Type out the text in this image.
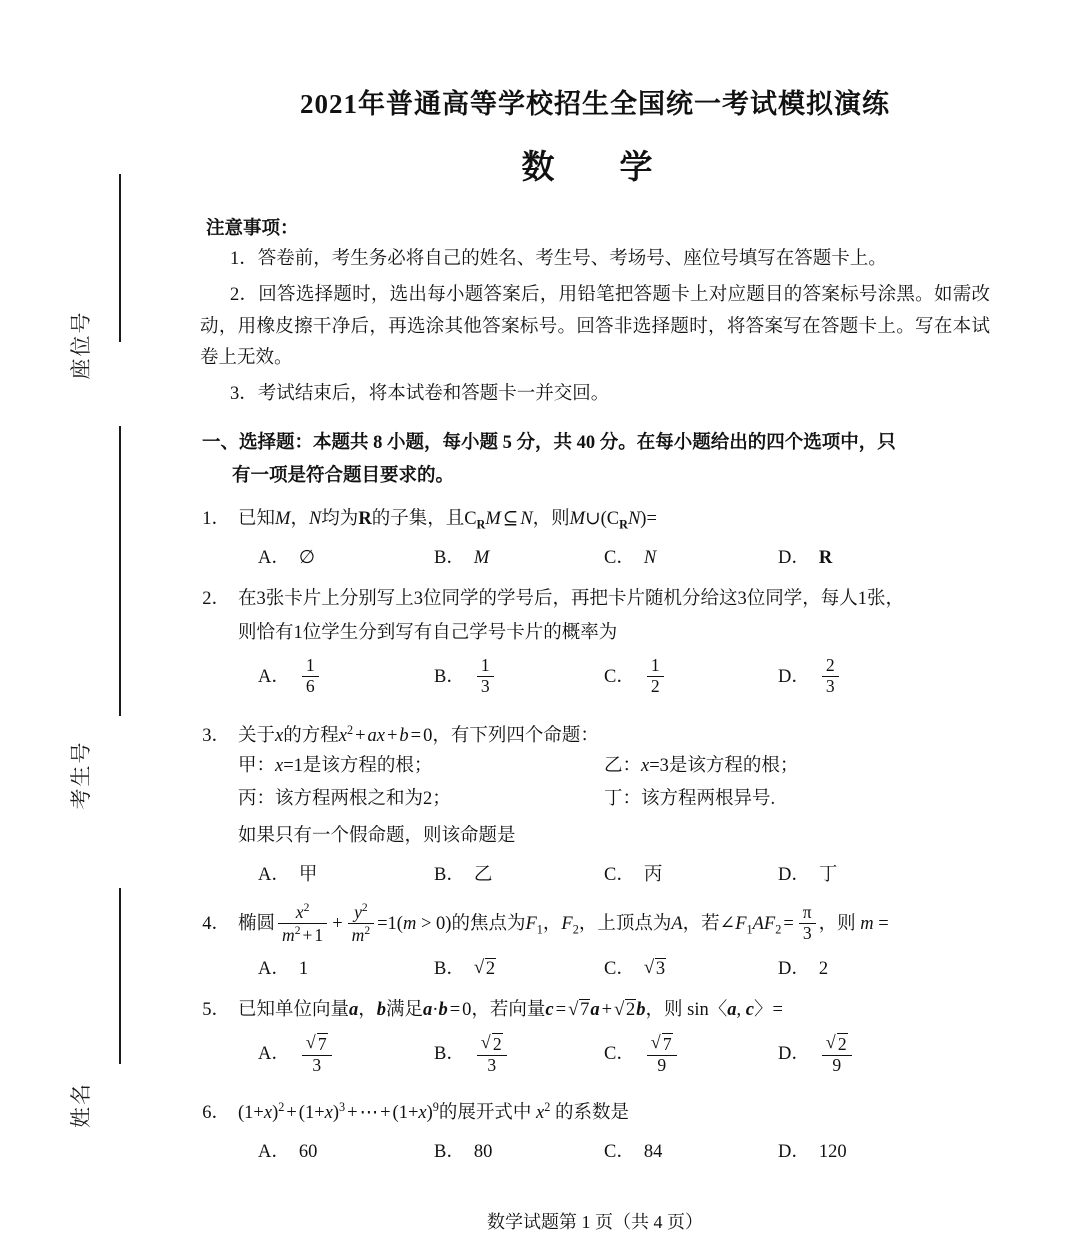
座位号
考生号
姓名
2021年普通高等学校招生全国统一考试模拟演练
数　学
注意事项：
1．答卷前，考生务必将自己的姓名、考生号、考场号、座位号填写在答题卡上。
2．回答选择题时，选出每小题答案后，用铅笔把答题卡上对应题目的答案标号涂黑。如需改动，用橡皮擦干净后，再选涂其他答案标号。回答非选择题时，将答案写在答题卡上。写在本试卷上无效。
3．考试结束后，将本试卷和答题卡一并交回。
一、选择题：本题共 8 小题，每小题 5 分，共 40 分。在每小题给出的四个选项中，只
有一项是符合题目要求的。
1． 已知M，N均为R的子集，且$C_RM$ ⊆ N，则$M\cup(C_RN)=$
A． ∅	B． M	C． N	D． R
2． 在3张卡片上分别写上3位同学的学号后，再把卡片随机分给这3位同学，每人1张，
则恰有1位学生分到写有自己学号卡片的概率为
A． $\frac{1}{6}$	B． $\frac{1}{3}$	C． $\frac{1}{2}$	D． $\frac{2}{3}$
3． 关于x的方程$x^2$ + ax + b = 0，有下列四个命题：
甲：x=1是该方程的根；	乙：x=3是该方程的根；
丙：该方程两根之和为2；	丁：该方程两根异号.
如果只有一个假命题，则该命题是
A． 甲	B． 乙	C． 丙	D． 丁
4． 椭圆 $\frac{x^2}{m^2 + 1} + \frac{y^2}{m^2} =1(m > 0)$的焦点为$F_1$，$F_2$，上顶点为A，若$\angle F_1AF_2 = \frac{\pi}{3}$ ，则 m =
A． 1	B． √ 2	C． √ 3	D． 2
5． 已知单位向量a，b满足a·b = 0，若向量c = √ 7a + √ 2b，则 sin〈a, c〉=
A． √ $\frac{7}{3}$	B． √ $\frac{2}{3}$	C． √ $\frac{7}{9}$	D． √ $\frac{2}{9}$
6． $(1+x)^2 + (1+x)^3$ + ⋯ + $(1+x)^9$的展开式中 $x^2$ 的系数是
A． 60	B． 80	C． 84	D． 120
数学试题第 1 页（共 4 页）
